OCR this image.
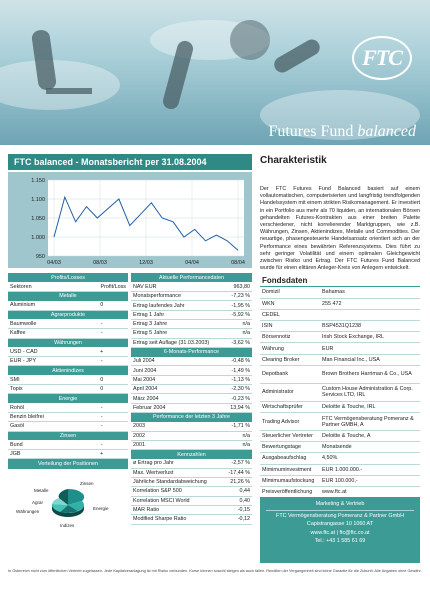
FTC
Futures Fund balanced
FTC balanced - Monatsbericht per 31.08.2004	Charakteristik
1.150
1.100
1.050
1.000
950
04/03	08/03	12/03	04/04	08/04
Der FTC Futures Fund Balanced basiert auf einem vollautomatischen, computerisierten und langfristig trendfolgenden Handelssystem mit einem strikten Risikomanagement. Er investiert in ein Portfolio aus mehr als 70 liquiden, an internationalen Börsen gehandelten Futures-Kontrakten aus einer breiten Palette verschiedener, nicht korrelierender Marktgruppen, wie z.B. Währungen, Zinsen, Aktienindizes, Metalle und Commodities. Der neuartige, phasengesteuerte Handelsansatz orientiert sich an der Performance eines bewährten Referenzsystems. Dies führt zu sehr geringer Volatilität und einem optimalen Gleichgewicht zwischen Risiko und Ertrag. Der FTC Futures Fund Balanced wurde für einen elitären Anleger-Kreis von Anlegern entwickelt.
Profits/Losses	
Sektoren	Profit/Loss
Metalle	
Aluminium	0
Agrarprodukte	
Baumwolle	-
Kaffee	-
Währungen	
USD - CAD	+
EUR - JPY	-
Aktienindizes	
SMI	0
Topix	0
Energie	
Rohöl	-
Benzin bleifrei	-
Gasöl	-
Zinsen	
Bund	-
JGB	+
Verteilung der Positionen
Metalle
Zinsen
Agrar
Energie
Währungen
Indizes
Aktuelle Performancedaten	
NAV EUR	963,80
Monatsperformance	-7,23 %
Ertrag laufendes Jahr	-1,95 %
Ertrag 1 Jahr	-5,92 %
Ertrag 3 Jahre	n/a
Ertrag 5 Jahre	n/a
Ertrag seit Auflage (31.03.2003)	-3,62 %
6-Monats-Performance	
Juli 2004	-0,48 %
Juni 2004	-1,49 %
Mai 2004	-1,13 %
April 2004	-2,30 %
März 2004	-0,23 %
Februar 2004	13,94 %
Performance der letzten 3 Jahre	
2003	-1,71 %
2002	n/a
2001	n/a
Kennzahlen	
ø Ertrag pro Jahr	-2,57 %
Max. Wertverlust	-17,44 %
Jährliche Standardabweichung	21,26 %
Korrelation S&P 500	0,44
Korrelation MSCI World	0,40
MAR Ratio	-0,15
Modified Sharpe Ratio	-0,12
Fondsdaten
Domizil	Bahamas
WKN	255 472
CEDEL	
ISIN	BSP4531Q1238
Börsennotiz	Irish Stock Exchange, IRL
Währung	EUR
Clearing Broker	Man Financial Inc., USA
Depotbank	Brown Brothers Harriman & Co., USA
Administrator	Custom House Administration & Corp. Services LTD, IRL
Wirtschaftsprüfer	Deloitte & Touche, IRL
Trading Advisor	FTC Vermögensberatung Pomeranz & Partner GMBH, A
Steuerlicher Vertreter	Deloitte & Touche, A
Bewertungstage	Monatsende
Ausgabeaufschlag	4,50%
Mimimuminvestment	EUR 1.000.000.-
Mimimumaufstockung	EUR 100.000,-
Preisveröffentlichung	www.ftc.at
Marketing & Vertrieb
FTC Vermögensberatung Pomeranz & Partner GmbH
Capistrangasse 10 1060 AT
www.ftc.at | ftc@ftc.co.at
Tel.: +43 1 585 61 69
In Österreich nicht zum öffentlichen Vertrieb zugelassen. Jede Kapitalveranlagung ist mit Risiko verbunden. Kurse können sowohl steigen als auch fallen. Renditen der Vergangenheit sind keine Garantie für die Zukunft. Alle Angaben ohne Gewähr.
